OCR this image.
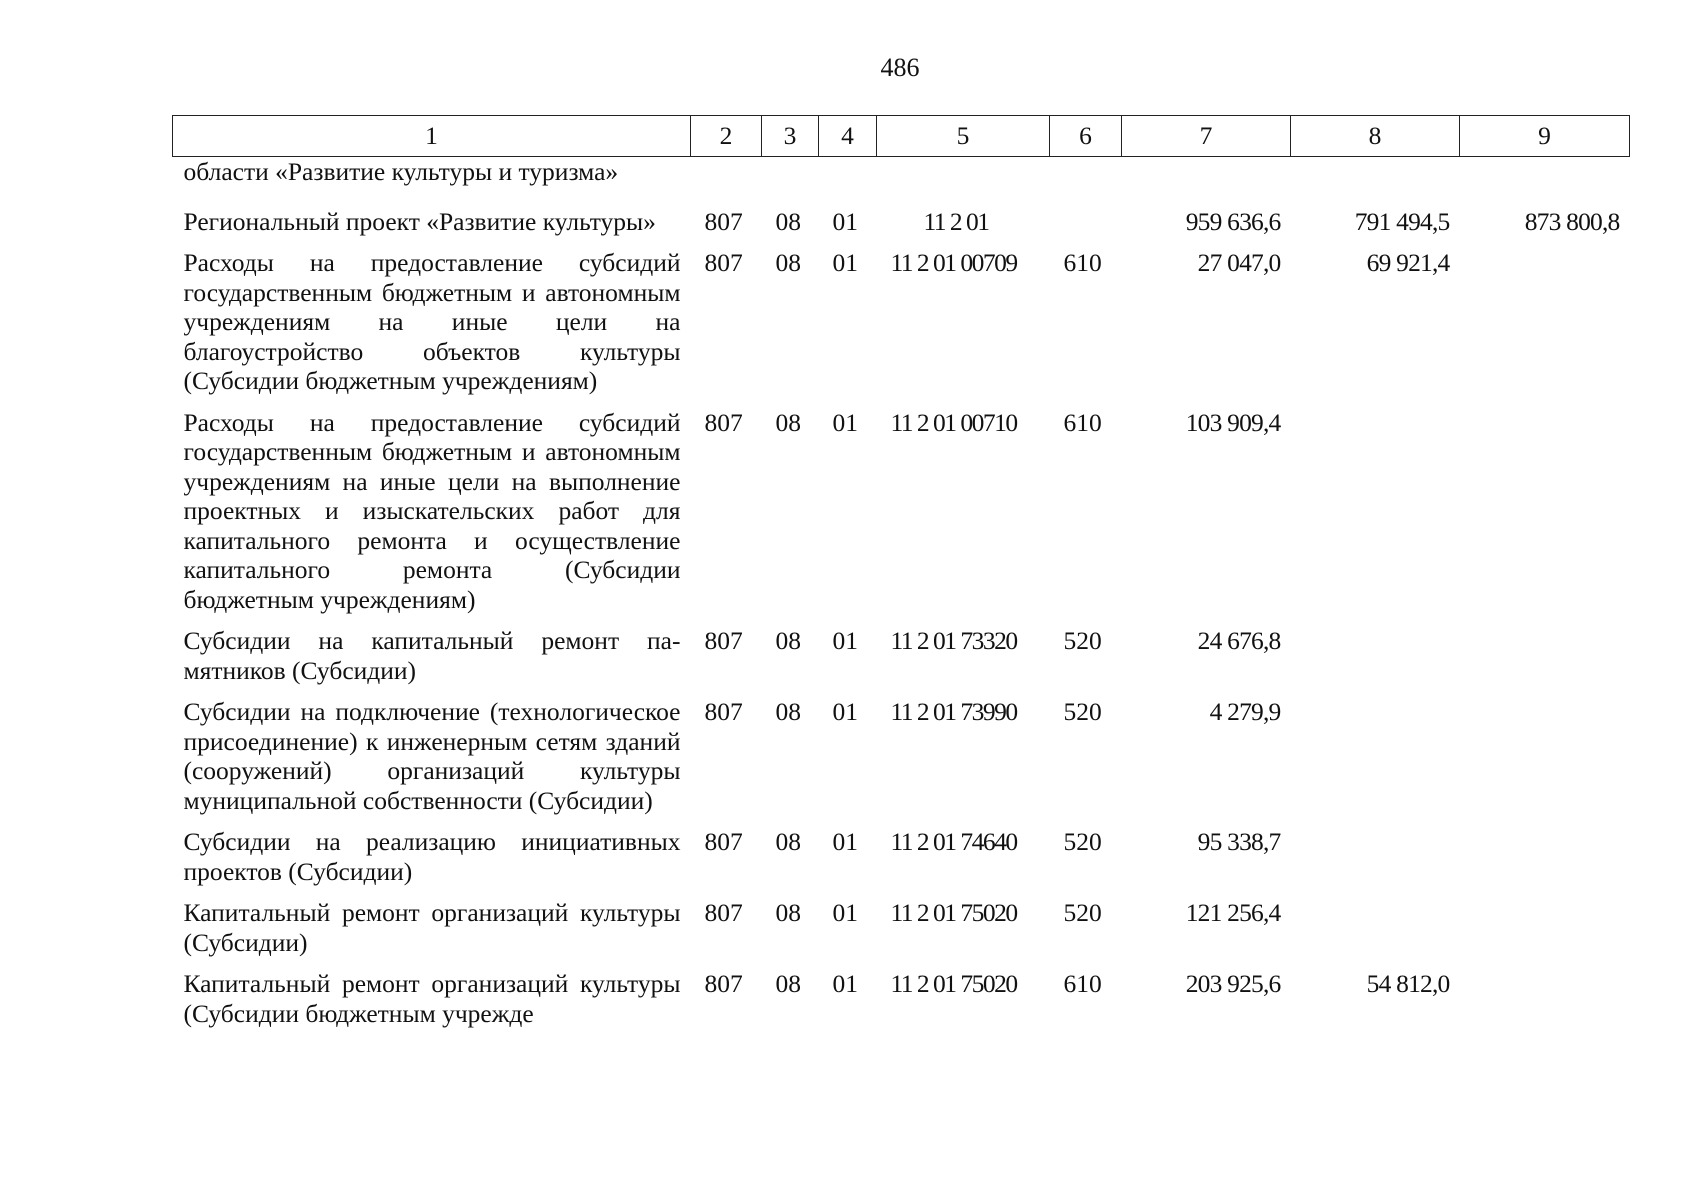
486
1	2	3	4	5	6	7	8	9
области «Развитие культуры и туризма»								
Региональный проект «Развитие культуры»	807	08	01	11 2 01		959 636,6	791 494,5	873 800,8
Расходы на предоставление субсидий государственным бюджетным и автономным учреждениям на иные цели на благоустройство объектов культуры (Субсидии бюджетным учреждениям)	807	08	01	11 2 01 00709	610	27 047,0	69 921,4	
Расходы на предоставление субсидий государственным бюджетным и автономным учреждениям на иные цели на выполнение проектных и изыскательских работ для капитального ремонта и осуществление капитального ремонта (Субсидии бюджетным учреждениям)	807	08	01	11 2 01 00710	610	103 909,4		
Субсидии на капитальный ремонт памятников (Субсидии)	807	08	01	11 2 01 73320	520	24 676,8		
Субсидии на подключение (технологическое присоединение) к инженерным сетям зданий (сооружений) организаций культуры муниципальной собственности (Субсидии)	807	08	01	11 2 01 73990	520	4 279,9		
Субсидии на реализацию инициативных проектов (Субсидии)	807	08	01	11 2 01 74640	520	95 338,7		
Капитальный ремонт организаций культуры (Субсидии)	807	08	01	11 2 01 75020	520	121 256,4		
Капитальный ремонт организаций культуры (Субсидии бюджетным учрежде	807	08	01	11 2 01 75020	610	203 925,6	54 812,0	
